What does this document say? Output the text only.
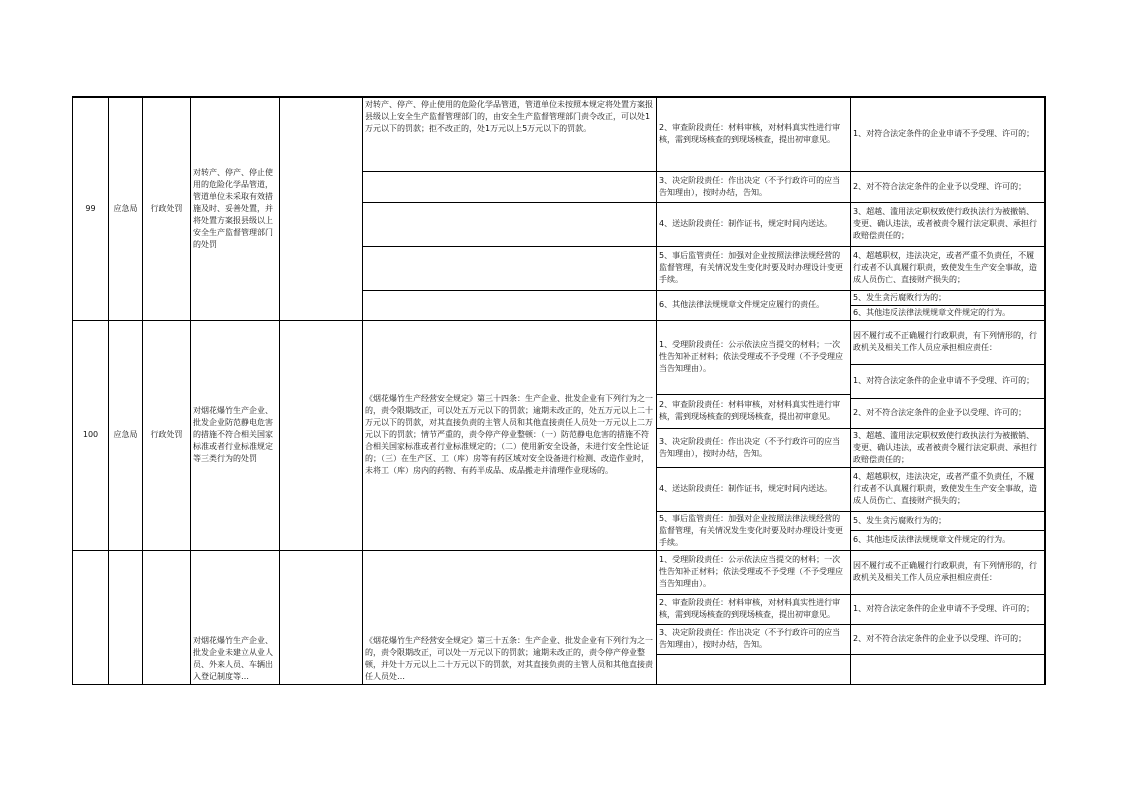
99	应急局	行政处罚	对转产、停产、停止使用的危险化学品管道，管道单位未采取有效措施及时、妥善处置，并将处置方案报县级以上安全生产监督管理部门的处罚		对转产、停产、停止使用的危险化学品管道，管道单位未按照本规定将处置方案报县级以上安全生产监督管理部门的，由安全生产监督管理部门责令改正，可以处1万元以下的罚款；拒不改正的，处1万元以上5万元以下的罚款。	2、审查阶段责任：材料审核，对材料真实性进行审核，需到现场核查的到现场核查，提出初审意见。	1、对符合法定条件的企业申请不予受理、许可的；
						3、决定阶段责任：作出决定（不予行政许可的应当告知理由），按时办结，告知。	2、对不符合法定条件的企业予以受理、许可的；
						4、送达阶段责任：制作证书，规定时间内送达。	3、超越、滥用法定职权致使行政执法行为被撤销、变更、确认违法，或者被责令履行法定职责、承担行政赔偿责任的；
						5、事后监管责任：加强对企业按照法律法规经营的监督管理，有关情况发生变化时要及时办理设计变更手续。	4、超越职权，违法决定，或者严重不负责任，不履行或者不认真履行职责，致使发生生产安全事故，造成人员伤亡、直接财产损失的；
						6、其他法律法规规章文件规定应履行的责任。	5、发生贪污腐败行为的；
							6、其他违反法律法规规章文件规定的行为。
100	应急局	行政处罚	对烟花爆竹生产企业、批发企业防范静电危害的措施不符合相关国家标准或者行业标准规定等三类行为的处罚		《烟花爆竹生产经营安全规定》第三十四条：生产企业、批发企业有下列行为之一的，责令限期改正，可以处五万元以下的罚款；逾期未改正的，处五万元以上二十万元以下的罚款，对其直接负责的主管人员和其他直接责任人员处一万元以上二万元以下的罚款；情节严重的，责令停产停业整顿：（一）防范静电危害的措施不符合相关国家标准或者行业标准规定的；（二）使用新安全设备，未进行安全性论证的；（三）在生产区、工（库）房等有药区域对安全设备进行检测、改造作业时，未将工（库）房内的药物、有药半成品、成品搬走并清理作业现场的。	1、受理阶段责任：公示依法应当提交的材料；一次性告知补正材料；依法受理或不予受理（不予受理应当告知理由）。	因不履行或不正确履行行政职责，有下列情形的，行政机关及相关工作人员应承担相应责任：
							1、对符合法定条件的企业申请不予受理、许可的；
						2、审查阶段责任：材料审核，对材料真实性进行审核，需到现场核查的到现场核查，提出初审意见。	
							2、对不符合法定条件的企业予以受理、许可的；
						3、决定阶段责任：作出决定（不予行政许可的应当告知理由），按时办结，告知。	3、超越、滥用法定职权致使行政执法行为被撤销、变更、确认违法，或者被责令履行法定职责、承担行政赔偿责任的；
						4、送达阶段责任：制作证书，规定时间内送达。	4、超越职权，违法决定，或者严重不负责任，不履行或者不认真履行职责，致使发生生产安全事故，造成人员伤亡、直接财产损失的；
						5、事后监管责任：加强对企业按照法律法规经营的监督管理，有关情况发生变化时要及时办理设计变更手续。	5、发生贪污腐败行为的；
							6、其他违反法律法规规章文件规定的行为。
			对烟花爆竹生产企业、批发企业未建立从业人员、外来人员、车辆出入登记制度等…		《烟花爆竹生产经营安全规定》第三十五条：生产企业、批发企业有下列行为之一的，责令限期改正，可以处一万元以下的罚款；逾期未改正的，责令停产停业整顿，并处十万元以上二十万元以下的罚款，对其直接负责的主管人员和其他直接责任人员处…	1、受理阶段责任：公示依法应当提交的材料；一次性告知补正材料；依法受理或不予受理（不予受理应当告知理由）。	因不履行或不正确履行行政职责，有下列情形的，行政机关及相关工作人员应承担相应责任：
						2、审查阶段责任：材料审核，对材料真实性进行审核，需到现场核查的到现场核查，提出初审意见。	1、对符合法定条件的企业申请不予受理、许可的；
						3、决定阶段责任：作出决定（不予行政许可的应当告知理由），按时办结，告知。	2、对不符合法定条件的企业予以受理、许可的；
